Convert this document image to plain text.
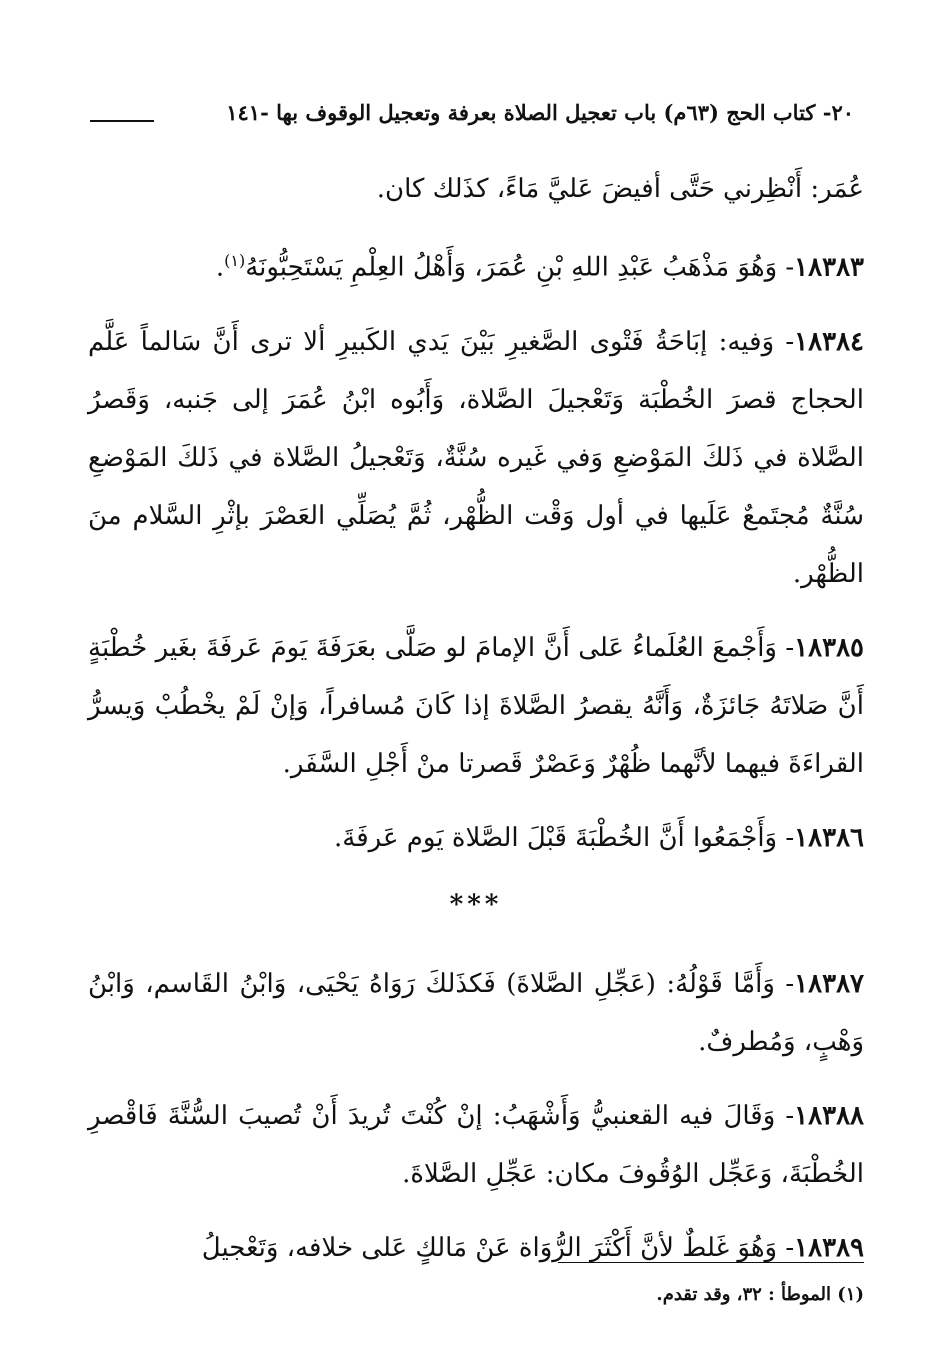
٢٠- كتاب الحج (٦٣م) باب تعجيل الصلاة بعرفة وتعجيل الوقوف بها -١٤١

عُمَر: أَنْظِرني حَتَّى أفيضَ عَليَّ مَاءً، كذَلك كان.

١٨٣٨٣- وَهُوَ مَذْهَبُ عَبْدِ اللهِ بْنِ عُمَرَ، وَأَهْلُ العِلْمِ يَسْتَحِبُّونَهُ$^{(١)}$.

١٨٣٨٤- وَفيه: إبَاحَةُ فَتْوى الصَّغيرِ بَيْنَ يَدي الكَبيرِ ألا ترى أَنَّ سَالماً عَلَّم الحجاج قصرَ الخُطْبَة وَتَعْجيلَ الصَّلاة، وَأَبُوه ابْنُ عُمَرَ إلى جَنبه، وَقَصرُ الصَّلاة في ذَلكَ المَوْضعِ وَفي غَيره سُنَّةٌ، وَتَعْجيلُ الصَّلاة في ذَلكَ المَوْضعِ سُنَّةٌ مُجتَمعٌ عَلَيها في أول وَقْت الظُّهْر، ثُمَّ يُصَلِّي العَصْرَ بإثْرِ السَّلام منَ الظُّهْر.

١٨٣٨٥- وَأَجْمعَ العُلَماءُ عَلى أَنَّ الإمامَ لو صَلَّى بعَرَفَةَ يَومَ عَرفَةَ بغَير خُطْبَةٍ أَنَّ صَلاتَهُ جَائزَةٌ، وَأَنَّهُ يقصرُ الصَّلاةَ إذا كَانَ مُسافراً، وَإنْ لَمْ يخْطُبْ وَيسرُّ القراءَةَ فيهما لأنَّهما ظُهْرٌ وَعَصْرٌ قَصرتا منْ أَجْلِ السَّفَر.

١٨٣٨٦- وَأَجْمَعُوا أَنَّ الخُطْبَةَ قَبْلَ الصَّلاة يَوم عَرفَةَ.

***

١٨٣٨٧- وَأَمَّا قَوْلُهُ: (عَجِّلِ الصَّلاةَ) فَكذَلكَ رَوَاهُ يَحْيَى، وَابْنُ القَاسم، وَابْنُ وَهْبٍ، وَمُطرفٌ.

١٨٣٨٨- وَقَالَ فيه القعنبيُّ وَأَشْهَبُ: إنْ كُنْتَ تُريدَ أَنْ تُصيبَ السُّنَّةَ فَاقْصرِ الخُطْبَةَ، وَعَجِّل الوُقُوفَ مكان: عَجِّلِ الصَّلاةَ.

١٨٣٨٩- وَهُوَ غَلطٌ لأنَّ أَكْثَرَ الرُّوَاة عَنْ مَالكٍ عَلى خلافه، وَتَعْجيلُ

(١) الموطأ : ٣٢، وقد تقدم.
